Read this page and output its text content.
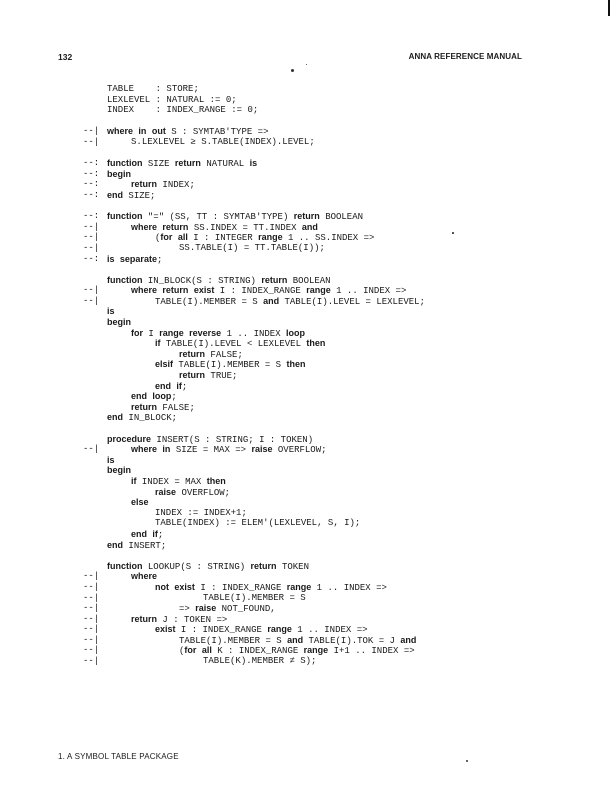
132	ANNA REFERENCE MANUAL
TABLE    : STORE;
LEXLEVEL : NATURAL := 0;
INDEX    : INDEX_RANGE := 0;
--| where in out S : SYMTAB'TYPE =>
--|	S.LEXLEVEL ≥ S.TABLE(INDEX).LEVEL;
--: function SIZE return NATURAL is
--: begin
--:	return INDEX;
--: end SIZE;
--: function "=" (SS, TT : SYMTAB'TYPE) return BOOLEAN
--|	where return SS.INDEX = TT.INDEX and
--|	(for all I : INTEGER range 1 .. SS.INDEX =>
--|	SS.TABLE(I) = TT.TABLE(I));
--: is separate;
function IN_BLOCK(S : STRING) return BOOLEAN
--|	where return exist I : INDEX_RANGE range 1 .. INDEX =>
--|	TABLE(I).MEMBER = S and TABLE(I).LEVEL = LEXLEVEL;
is
begin
for I range reverse 1 .. INDEX loop
if TABLE(I).LEVEL < LEXLEVEL then
return FALSE;
elsif TABLE(I).MEMBER = S then
return TRUE;
end if;
end loop;
return FALSE;
end IN_BLOCK;
procedure INSERT(S : STRING; I : TOKEN)
--|	where in SIZE = MAX => raise OVERFLOW;
is
begin
if INDEX = MAX then
raise OVERFLOW;
else
INDEX := INDEX+1;
TABLE(INDEX) := ELEM'(LEXLEVEL, S, I);
end if;
end INSERT;
function LOOKUP(S : STRING) return TOKEN
--|	where
--|	not exist I : INDEX_RANGE range 1 .. INDEX =>
--|	TABLE(I).MEMBER = S
--|	=> raise NOT_FOUND,
--|	return J : TOKEN =>
--|	exist I : INDEX_RANGE range 1 .. INDEX =>
--|	TABLE(I).MEMBER = S and TABLE(I).TOK = J and
--|	(for all K : INDEX_RANGE range I+1 .. INDEX =>
--|	TABLE(K).MEMBER ≠ S);
1. A SYMBOL TABLE PACKAGE
